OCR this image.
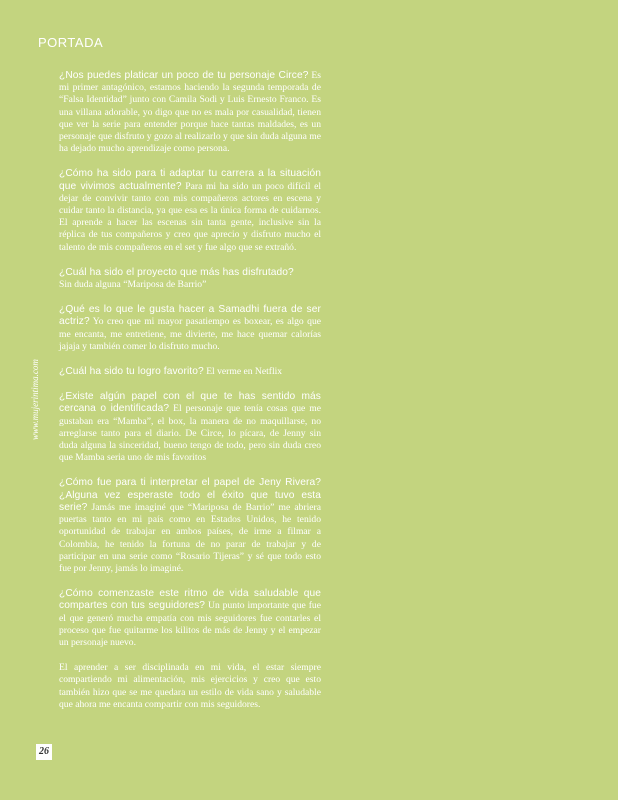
PORTADA
www.mujerintima.com

¿Nos puedes platicar un poco de tu personaje Circe? Es mi primer antagónico, estamos haciendo la segunda temporada de “Falsa Identidad” junto con Camila Sodi y Luis Ernesto Franco. Es una villana adorable, yo digo que no es mala por casualidad, tienen que ver la serie para entender porque hace tantas maldades, es un personaje que disfruto y gozo al realizarlo y que sin duda alguna me ha dejado mucho aprendizaje como persona.

¿Cómo ha sido para ti adaptar tu carrera a la situación que vivimos actualmente? Para mi ha sido un poco difícil el dejar de convivir tanto con mis compañeros actores en escena y cuidar tanto la distancia, ya que esa es la única forma de cuidarnos. El aprende a hacer las escenas sin tanta gente, inclusive sin la réplica de tus compañeros y creo que aprecio y disfruto mucho el talento de mis compañeros en el set y fue algo que se extrañó.

¿Cuál ha sido el proyecto que más has disfrutado?
Sin duda alguna “Mariposa de Barrio”

¿Qué es lo que le gusta hacer a Samadhi fuera de ser actriz? Yo creo que mi mayor pasatiempo es boxear, es algo que me encanta, me entretiene, me divierte, me hace quemar calorías jajaja y también comer lo disfruto mucho.

¿Cuál ha sido tu logro favorito? El verme en Netflix

¿Existe algún papel con el que te has sentido más cercana o identificada? El personaje que tenía cosas que me gustaban era “Mamba”, el box, la manera de no maquillarse, no arreglarse tanto para el diario. De Circe, lo pícara, de Jenny sin duda alguna la sinceridad, bueno tengo de todo, pero sin duda creo que Mamba seria uno de mis favoritos

¿Cómo fue para ti interpretar el papel de Jeny Rivera? ¿Alguna vez esperaste todo el éxito que tuvo esta serie? Jamás me imaginé que “Mariposa de Barrio” me abriera puertas tanto en mi país como en Estados Unidos, he tenido oportunidad de trabajar en ambos países, de irme a filmar a Colombia, he tenido la fortuna de no parar de trabajar y de participar en una serie como “Rosario Tijeras” y sé que todo esto fue por Jenny, jamás lo imaginé.

¿Cómo comenzaste este ritmo de vida saludable que compartes con tus seguidores? Un punto importante que fue el que generó mucha empatía con mis seguidores fue contarles el proceso que fue quitarme los kilitos de más de Jenny y el empezar un personaje nuevo.

El aprender a ser disciplinada en mi vida, el estar siempre compartiendo mi alimentación, mis ejercicios y creo que esto también hizo que se me quedara un estilo de vida sano y saludable que ahora me encanta compartir con mis seguidores.

26
